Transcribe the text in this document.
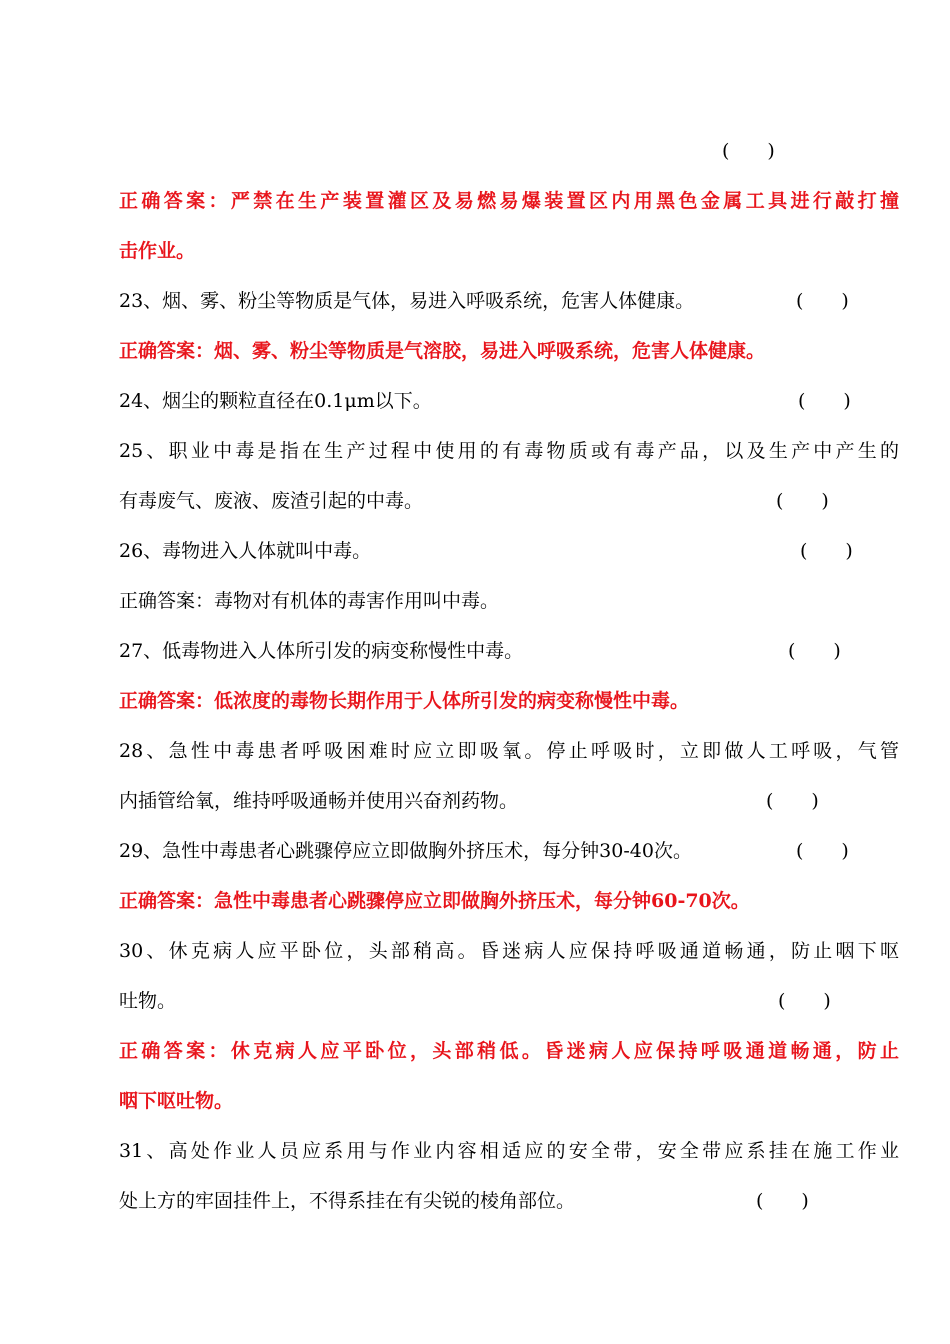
(　　)
正确答案：严禁在生产装置灌区及易燃易爆装置区内用黑色金属工具进行敲打撞
击作业。
23、烟、雾、粉尘等物质是气体，易进入呼吸系统，危害人体健康。	(　　)
正确答案：烟、雾、粉尘等物质是气溶胶，易进入呼吸系统，危害人体健康。
24、烟尘的颗粒直径在0.1μm以下。	(　　)
25、职业中毒是指在生产过程中使用的有毒物质或有毒产品，以及生产中产生的
有毒废气、废液、废渣引起的中毒。	(　　)
26、毒物进入人体就叫中毒。	(　　)
正确答案：毒物对有机体的毒害作用叫中毒。
27、低毒物进入人体所引发的病变称慢性中毒。	(　　)
正确答案：低浓度的毒物长期作用于人体所引发的病变称慢性中毒。
28、急性中毒患者呼吸困难时应立即吸氧。停止呼吸时，立即做人工呼吸，气管
内插管给氧，维持呼吸通畅并使用兴奋剂药物。	(　　)
29、急性中毒患者心跳骤停应立即做胸外挤压术，每分钟30-40次。	(　　)
正确答案：急性中毒患者心跳骤停应立即做胸外挤压术，每分钟60-70次。
30、休克病人应平卧位，头部稍高。昏迷病人应保持呼吸通道畅通，防止咽下呕
吐物。	(　　)
正确答案：休克病人应平卧位，头部稍低。昏迷病人应保持呼吸通道畅通，防止
咽下呕吐物。
31、高处作业人员应系用与作业内容相适应的安全带，安全带应系挂在施工作业
处上方的牢固挂件上，不得系挂在有尖锐的棱角部位。	(　　)
